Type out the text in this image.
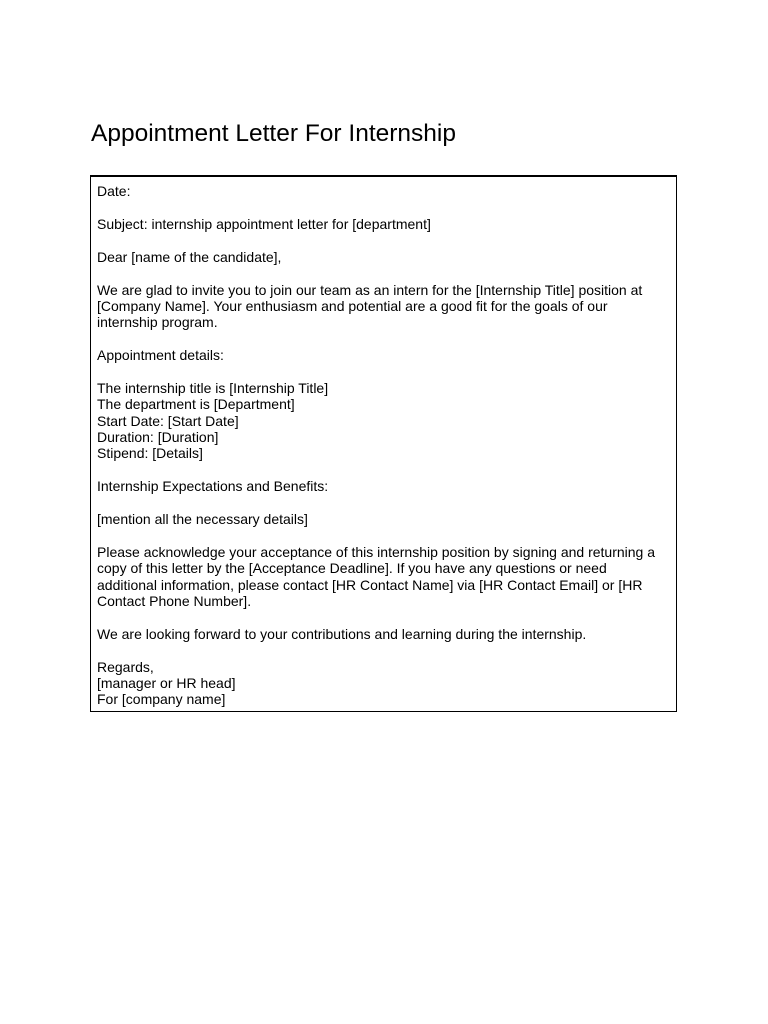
Appointment Letter For Internship

Date:

Subject: internship appointment letter for [department]

Dear [name of the candidate],

We are glad to invite you to join our team as an intern for the [Internship Title] position at [Company Name]. Your enthusiasm and potential are a good fit for the goals of our internship program.

Appointment details:

The internship title is [Internship Title]
The department is [Department]
Start Date: [Start Date]
Duration: [Duration]
Stipend: [Details]

Internship Expectations and Benefits:

[mention all the necessary details]

Please acknowledge your acceptance of this internship position by signing and returning a copy of this letter by the [Acceptance Deadline]. If you have any questions or need additional information, please contact [HR Contact Name] via [HR Contact Email] or [HR Contact Phone Number].

We are looking forward to your contributions and learning during the internship.

Regards,
[manager or HR head]
For [company name]
